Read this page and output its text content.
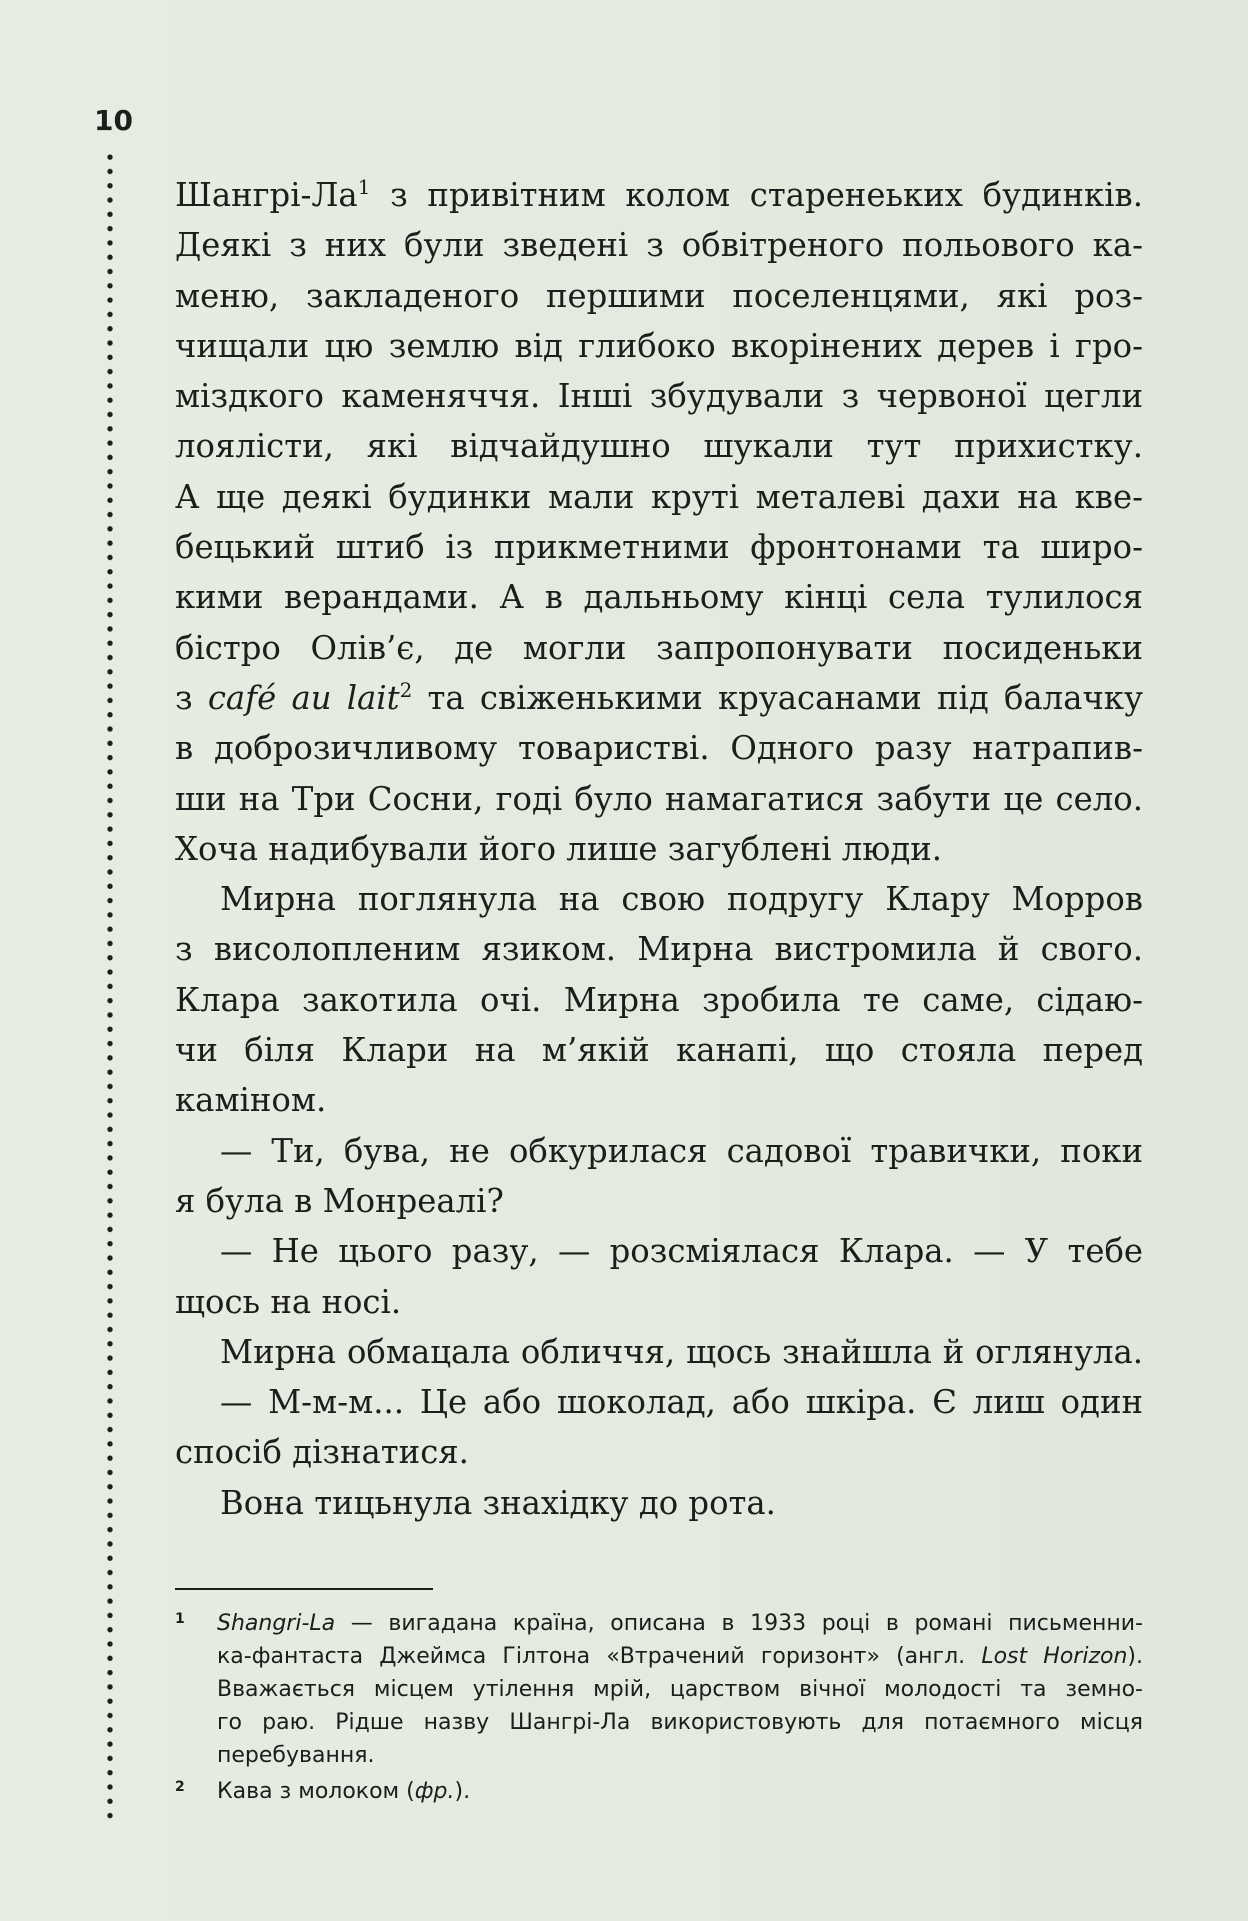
10
Шангрі-$Ла^1$ з привітним колом старенеьких будинків.
Деякі з них були зведені з обвітреного польового ка-
меню, закладеного першими поселенцями, які роз-
чищали цю землю від глибоко вкорінених дерев і гро-
міздкого каменяччя. Інші збудували з червоної цегли
лоялісти, які відчайдушно шукали тут прихистку.
А ще деякі будинки мали круті металеві дахи на кве-
бецький штиб із прикметними фронтонами та широ-
кими верандами. А в дальньому кінці села тулилося
бістро Олів’є, де могли запропонувати посиденьки
з café au lait$^2$ та свіженькими круасанами під балачку
в доброзичливому товаристві. Одного разу натрапив-
ши на Три Сосни, годі було намагатися забути це село.
Хоча надибували його лише загублені люди.
Мирна поглянула на свою подругу Клару Морров
з висолопленим язиком. Мирна вистромила й свого.
Клара закотила очі. Мирна зробила те саме, сідаю-
чи біля Клари на м’якій канапі, що стояла перед
каміном.
— Ти, бува, не обкурилася садової травички, поки
я була в Монреалі?
— Не цього разу, — розсміялася Клара. — У тебе
щось на носі.
Мирна обмацала обличчя, щось знайшла й оглянула.
— М-м-м... Це або шоколад, або шкіра. Є лиш один
спосіб дізнатися.
Вона тицьнула знахідку до рота.
1 Shangri-La — вигадана країна, описана в 1933 році в романі письменни-
ка-фантаста Джеймса Гілтона «Втрачений горизонт» (англ. Lost Horizon).
Вважається місцем утілення мрій, царством вічної молодості та земно-
го раю. Рідше назву Шангрі-Ла використовують для потаємного місця
перебування.
2 Кава з молоком (фр.).
